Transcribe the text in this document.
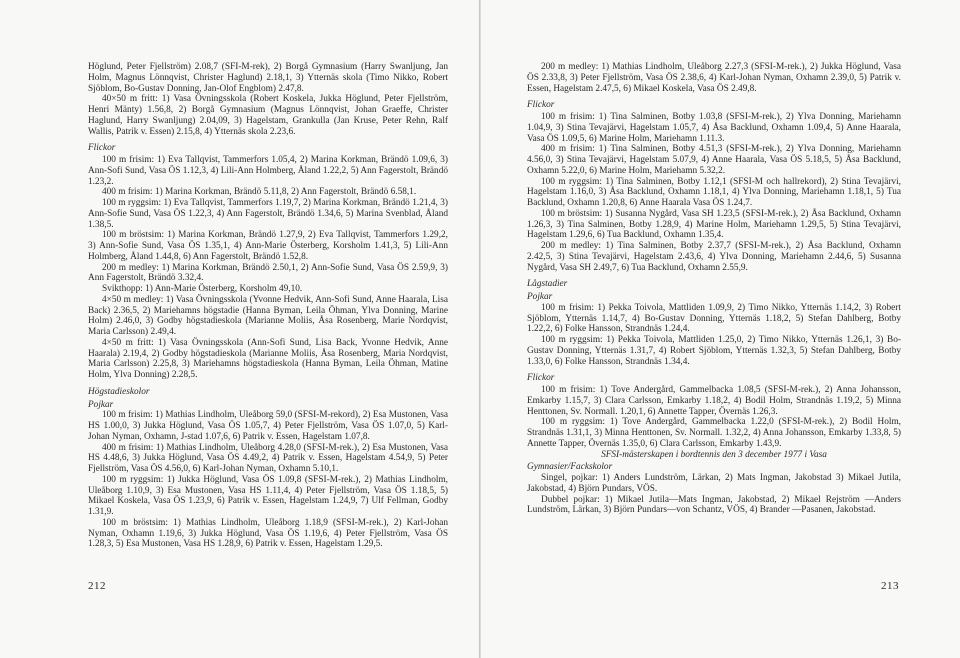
Höglund, Peter Fjellström) 2.08,7 (SFI-M-rek), 2) Borgå Gymnasium (Harry Swanljung, Jan Holm, Magnus Lönnqvist, Christer Haglund) 2.18,1, 3) Ytternäs skola (Timo Nikko, Robert Sjöblom, Bo-Gustav Donning, Jan-Olof Engblom) 2.47,8.

40×50 m fritt: 1) Vasa Övningsskola (Robert Koskela, Jukka Höglund, Peter Fjellström, Henri Mänty) 1.56,8, 2) Borgå Gymnasium (Magnus Lönnqvist, Johan Graeffe, Christer Haglund, Harry Swanljung) 2.04,09, 3) Hagelstam, Grankulla (Jan Kruse, Peter Rehn, Ralf Wallis, Patrik v. Essen) 2.15,8, 4) Ytternäs skola 2.23,6.

Flickor

100 m frisim: 1) Eva Tallqvist, Tammerfors 1.05,4, 2) Marina Korkman, Brändö 1.09,6, 3) Ann-Sofi Sund, Vasa ÖS 1.12,3, 4) Lili-Ann Holmberg, Åland 1.22,2, 5) Ann Fagerstolt, Brändö 1.23,2.

400 m frisim: 1) Marina Korkman, Brändö 5.11,8, 2) Ann Fagerstolt, Brändö 6.58,1.

100 m ryggsim: 1) Eva Tallqvist, Tammerfors 1.19,7, 2) Marina Korkman, Brändö 1.21,4, 3) Ann-Sofie Sund, Vasa ÖS 1.22,3, 4) Ann Fagerstolt, Brändö 1.34,6, 5) Marina Svenblad, Åland 1.38,5.

100 m bröstsim: 1) Marina Korkman, Brändö 1.27,9, 2) Eva Tallqvist, Tammerfors 1.29,2, 3) Ann-Sofie Sund, Vasa ÖS 1.35,1, 4) Ann-Marie Österberg, Korsholm 1.41,3, 5) Lili-Ann Holmberg, Åland 1.44,8, 6) Ann Fagerstolt, Brändö 1.52,8.

200 m medley: 1) Marina Korkman, Brändö 2.50,1, 2) Ann-Sofie Sund, Vasa ÖS 2.59,9, 3) Ann Fagerstolt, Brändö 3.32,4.

Svikthopp: 1) Ann-Marie Österberg, Korsholm 49,10.

4×50 m medley: 1) Vasa Övningsskola (Yvonne Hedvik, Ann-Sofi Sund, Anne Haarala, Lisa Back) 2.36,5, 2) Mariehamns högstadie (Hanna Byman, Leila Öhman, Ylva Donning, Marine Holm) 2.46,0, 3) Godby högstadieskola (Marianne Moliis, Åsa Rosenberg, Marie Nordqvist, Maria Carlsson) 2.49,4.

4×50 m fritt: 1) Vasa Övningsskola (Ann-Sofi Sund, Lisa Back, Yvonne Hedvik, Anne Haarala) 2.19,4, 2) Godby högstadieskola (Marianne Moliis, Åsa Rosenberg, Maria Nordqvist, Maria Carlsson) 2.25,8, 3) Mariehamns högstadieskola (Hanna Byman, Leila Öhman, Matine Holm, Ylva Donning) 2.28,5.

Högstadieskolor

Pojkar

100 m frisim: 1) Mathias Lindholm, Uleåborg 59,0 (SFSI-M-rekord), 2) Esa Mustonen, Vasa HS 1.00,0, 3) Jukka Höglund, Vasa ÖS 1.05,7, 4) Peter Fjellström, Vasa ÖS 1.07,0, 5) Karl-Johan Nyman, Oxhamn, J-stad 1.07,6, 6) Patrik v. Essen, Hagelstam 1.07,8.

400 m frisim: 1) Mathias Lindholm, Uleåborg 4.28,0 (SFSI-M-rek.), 2) Esa Mustonen, Vasa HS 4.48,6, 3) Jukka Höglund, Vasa ÖS 4.49,2, 4) Patrik v. Essen, Hagelstam 4.54,9, 5) Peter Fjellström, Vasa ÖS 4.56,0, 6) Karl-Johan Nyman, Oxhamn 5.10,1.

100 m ryggsim: 1) Jukka Höglund, Vasa ÖS 1.09,8 (SFSI-M-rek.), 2) Mathias Lindholm, Uleåborg 1.10,9, 3) Esa Mustonen, Vasa HS 1.11,4, 4) Peter Fjellström, Vasa ÖS 1.18,5, 5) Mikael Koskela, Vasa ÖS 1.23,9, 6) Patrik v. Essen, Hagelstam 1.24,9, 7) Ulf Fellman, Godby 1.31,9.

100 m bröstsim: 1) Mathias Lindholm, Uleåborg 1.18,9 (SFSI-M-rek.), 2) Karl-Johan Nyman, Oxhamn 1.19,6, 3) Jukka Höglund, Vasa ÖS 1.19,6, 4) Peter Fjellström, Vasa ÖS 1.28,3, 5) Esa Mustonen, Vasa HS 1.28,9, 6) Patrik v. Essen, Hagelstam 1.29,5.

212

200 m medley: 1) Mathias Lindholm, Uleåborg 2.27,3 (SFSI-M-rek.), 2) Jukka Höglund, Vasa ÖS 2.33,8, 3) Peter Fjellström, Vasa ÖS 2.38,6, 4) Karl-Johan Nyman, Oxhamn 2.39,0, 5) Patrik v. Essen, Hagelstam 2.47,5, 6) Mikael Koskela, Vasa ÖS 2.49,8.

Flickor

100 m frisim: 1) Tina Salminen, Botby 1.03,8 (SFSI-M-rek.), 2) Ylva Donning, Mariehamn 1.04,9, 3) Stina Tevajärvi, Hagelstam 1.05,7, 4) Åsa Backlund, Oxhamn 1.09,4, 5) Anne Haarala, Vasa ÖS 1.09,5, 6) Marine Holm, Mariehamn 1.11.3.

400 m frisim: 1) Tina Salminen, Botby 4.51,3 (SFSI-M-rek.), 2) Ylva Donning, Mariehamn 4.56,0, 3) Stina Tevajärvi, Hagelstam 5.07,9, 4) Anne Haarala, Vasa ÖS 5.18,5, 5) Åsa Backlund, Oxhamn 5.22,0, 6) Marine Holm, Mariehamn 5.32,2.

100 m ryggsim: 1) Tina Salminen, Botby 1.12,1 (SFSI-M och hallrekord), 2) Stina Tevajärvi, Hagelstam 1.16,0, 3) Åsa Backlund, Oxhamn 1.18,1, 4) Ylva Donning, Mariehamn 1.18,1, 5) Tua Backlund, Oxhamn 1.20,8, 6) Anne Haarala Vasa ÖS 1.24,7.

100 m bröstsim: 1) Susanna Nygård, Vasa SH 1.23,5 (SFSI-M-rek.), 2) Åsa Backlund, Oxhamn 1.26,3, 3) Tina Salminen, Botby 1.28,9, 4) Marine Holm, Mariehamn 1.29,5, 5) Stina Tevajärvi, Hagelstam 1.29,6, 6) Tua Backlund, Oxhamn 1.35,4.

200 m medley: 1) Tina Salminen, Botby 2.37,7 (SFSI-M-rek.), 2) Åsa Backlund, Oxhamn 2.42,5, 3) Stina Tevajärvi, Hagelstam 2.43,6, 4) Ylva Donning, Mariehamn 2.44,6, 5) Susanna Nygård, Vasa SH 2.49,7, 6) Tua Backlund, Oxhamn 2.55,9.

Lågstadier

Pojkar

100 m frisim: 1) Pekka Toivola, Mattliden 1.09,9, 2) Timo Nikko, Ytternäs 1.14,2, 3) Robert Sjöblom, Ytternäs 1.14,7, 4) Bo-Gustav Donning, Ytternäs 1.18,2, 5) Stefan Dahlberg, Botby 1.22,2, 6) Folke Hansson, Strandnäs 1.24,4.

100 m ryggsim: 1) Pekka Toivola, Mattliden 1.25,0, 2) Timo Nikko, Ytternäs 1.26,1, 3) Bo-Gustav Donning, Ytternäs 1.31,7, 4) Robert Sjöblom, Ytternäs 1.32,3, 5) Stefan Dahlberg, Botby 1.33,0, 6) Folke Hansson, Strandnäs 1.34,4.

Flickor

100 m frisim: 1) Tove Andergård, Gammelbacka 1.08,5 (SFSI-M-rek.), 2) Anna Johansson, Emkarby 1.15,7, 3) Clara Carlsson, Emkarby 1.18,2, 4) Bodil Holm, Strandnäs 1.19,2, 5) Minna Henttonen, Sv. Normall. 1.20,1, 6) Annette Tapper, Övernäs 1.26,3.

100 m ryggsim: 1) Tove Andergård, Gammelbacka 1.22,0 (SFSI-M-rek.), 2) Bodil Holm, Strandnäs 1.31,1, 3) Minna Henttonen, Sv. Normall. 1.32,2, 4) Anna Johansson, Emkarby 1.33,8, 5) Annette Tapper, Övernäs 1.35,0, 6) Clara Carlsson, Emkarby 1.43,9.

SFSI-mästerskapen i bordtennis den 3 december 1977 i Vasa

Gymnasier/Fackskolor

Singel, pojkar: 1) Anders Lundström, Lärkan, 2) Mats Ingman, Jakobstad 3) Mikael Jutila, Jakobstad, 4) Björn Pundars, VÖS.

Dubbel pojkar: 1) Mikael Jutila—Mats Ingman, Jakobstad, 2) Mikael Rejström —Anders Lundström, Lärkan, 3) Björn Pundars—von Schantz, VÖS, 4) Brander —Pasanen, Jakobstad.

213
